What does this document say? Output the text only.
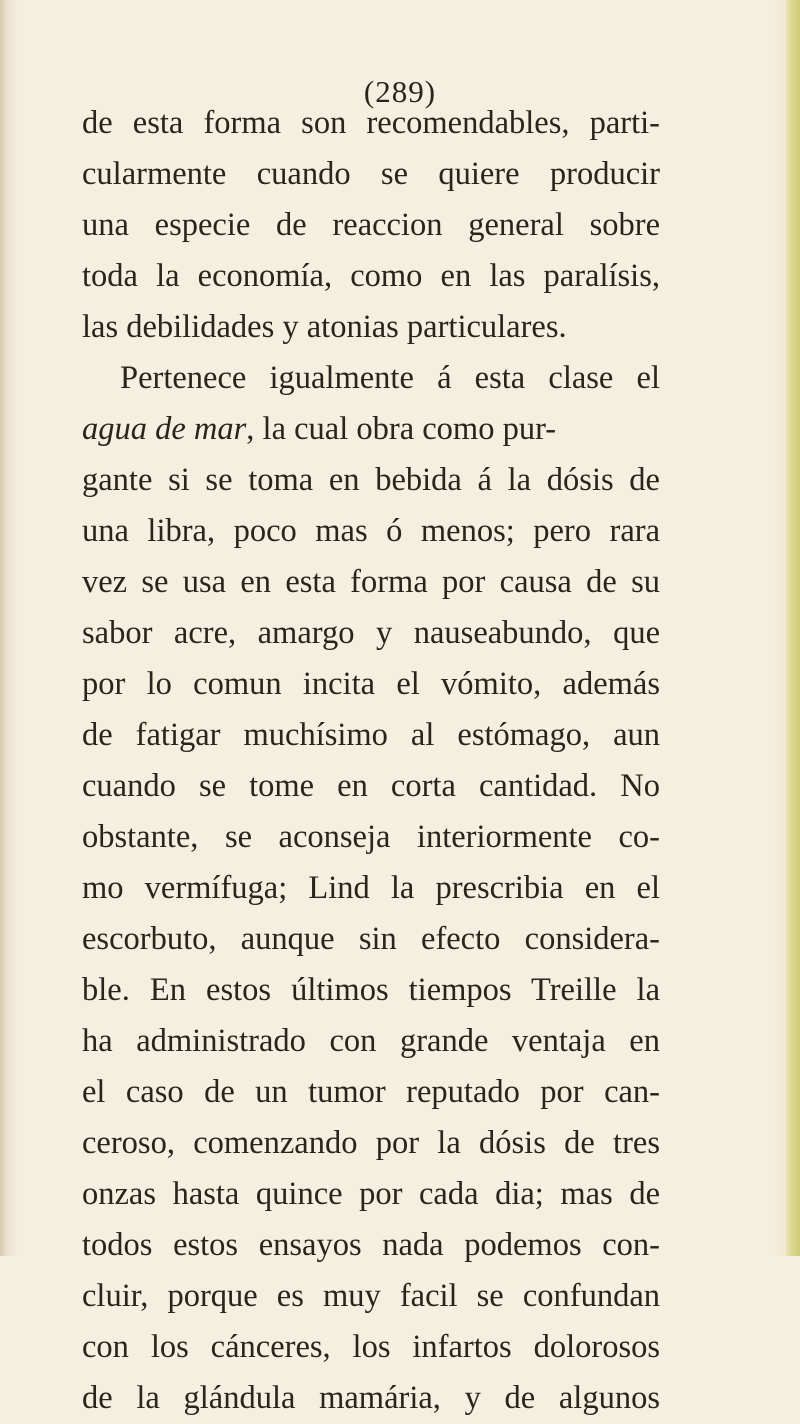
(289)
de esta forma son recomendables, parti-
cularmente cuando se quiere producir
una especie de reaccion general sobre
toda la economía, como en las paralísis,
las debilidades y atonias particulares.
Pertenece igualmente á esta clase el
agua de mar, la cual obra como pur-
gante si se toma en bebida á la dósis de
una libra, poco mas ó menos; pero rara
vez se usa en esta forma por causa de su
sabor acre, amargo y nauseabundo, que
por lo comun incita el vómito, además
de fatigar muchísimo al estómago, aun
cuando se tome en corta cantidad. No
obstante, se aconseja interiormente co-
mo vermífuga; Lind la prescribia en el
escorbuto, aunque sin efecto considera-
ble. En estos últimos tiempos Treille la
ha administrado con grande ventaja en
el caso de un tumor reputado por can-
ceroso, comenzando por la dósis de tres
onzas hasta quince por cada dia; mas de
todos estos ensayos nada podemos con-
cluir, porque es muy facil se confundan
con los cánceres, los infartos dolorosos
de la glándula mamária, y de algunos
